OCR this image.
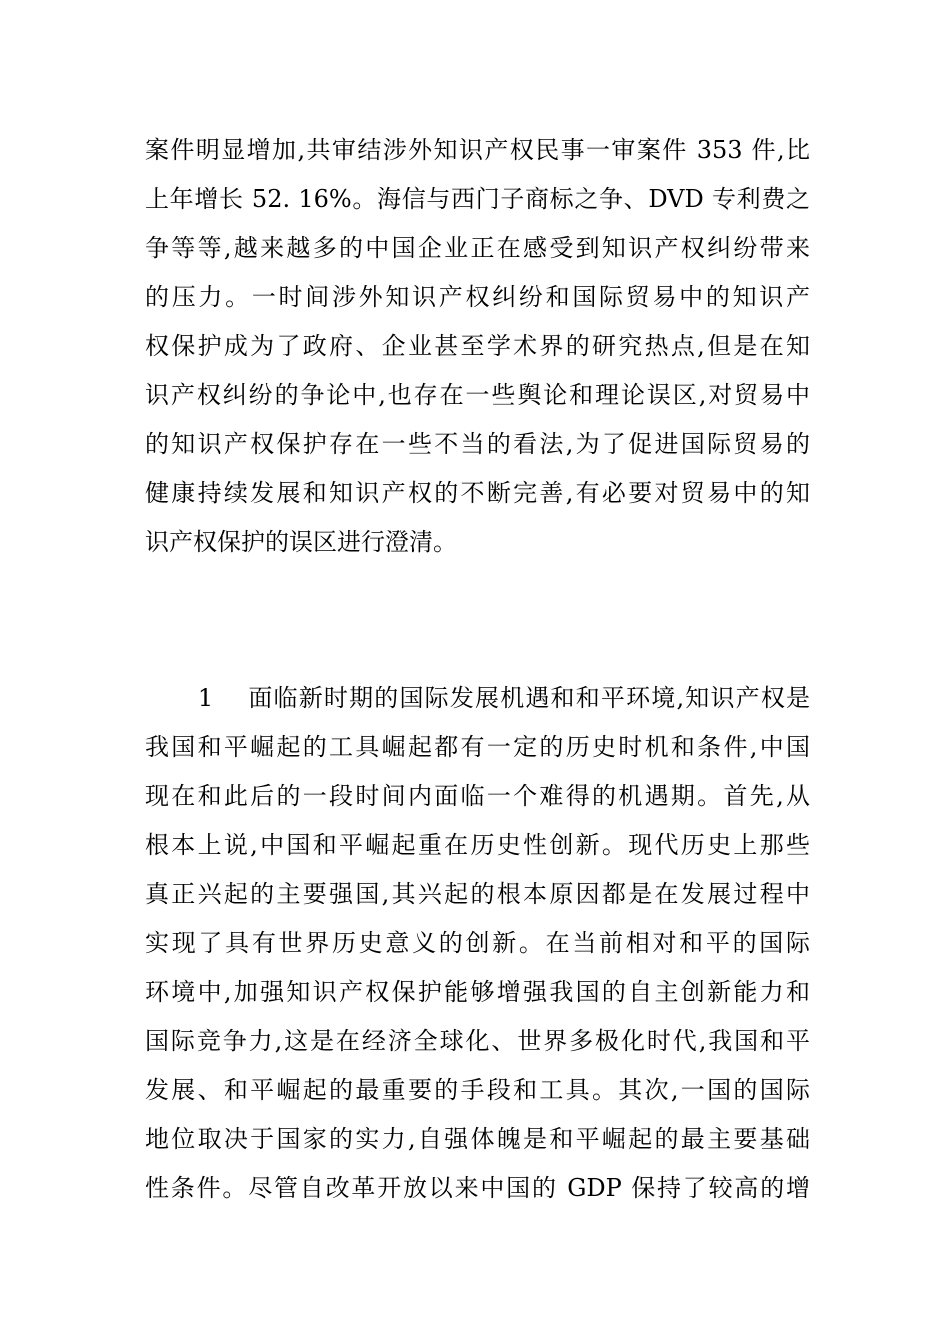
案件明显增加,共审结涉外知识产权民事一审案件 353 件,比
上年增长 52. 16%。海信与西门子商标之争、DVD 专利费之
争等等,越来越多的中国企业正在感受到知识产权纠纷带来
的压力。一时间涉外知识产权纠纷和国际贸易中的知识产
权保护成为了政府、企业甚至学术界的研究热点,但是在知
识产权纠纷的争论中,也存在一些舆论和理论误区,对贸易中
的知识产权保护存在一些不当的看法,为了促进国际贸易的
健康持续发展和知识产权的不断完善,有必要对贸易中的知
识产权保护的误区进行澄清。
1    面临新时期的国际发展机遇和和平环境,知识产权是
我国和平崛起的工具崛起都有一定的历史时机和条件,中国
现在和此后的一段时间内面临一个难得的机遇期。首先,从
根本上说,中国和平崛起重在历史性创新。现代历史上那些
真正兴起的主要强国,其兴起的根本原因都是在发展过程中
实现了具有世界历史意义的创新。在当前相对和平的国际
环境中,加强知识产权保护能够增强我国的自主创新能力和
国际竞争力,这是在经济全球化、世界多极化时代,我国和平
发展、和平崛起的最重要的手段和工具。其次,一国的国际
地位取决于国家的实力,自强体魄是和平崛起的最主要基础
性条件。尽管自改革开放以来中国的 GDP 保持了较高的增
